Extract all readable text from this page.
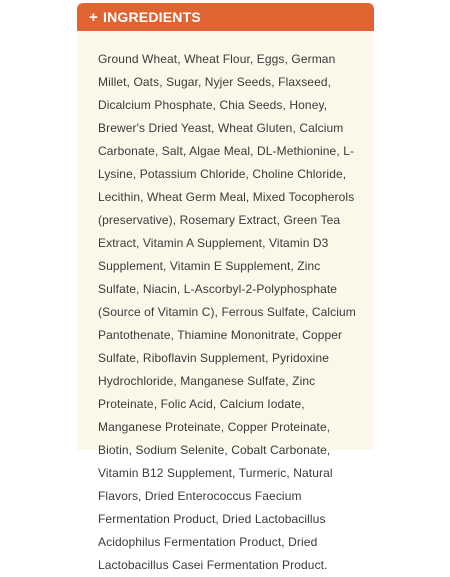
+ INGREDIENTS
Ground Wheat, Wheat Flour, Eggs, German Millet, Oats, Sugar, Nyjer Seeds, Flaxseed, Dicalcium Phosphate, Chia Seeds, Honey, Brewer's Dried Yeast, Wheat Gluten, Calcium Carbonate, Salt, Algae Meal, DL-Methionine, L-Lysine, Potassium Chloride, Choline Chloride, Lecithin, Wheat Germ Meal, Mixed Tocopherols (preservative), Rosemary Extract, Green Tea Extract, Vitamin A Supplement, Vitamin D3 Supplement, Vitamin E Supplement, Zinc Sulfate, Niacin, L-Ascorbyl-2-Polyphosphate (Source of Vitamin C), Ferrous Sulfate, Calcium Pantothenate, Thiamine Mononitrate, Copper Sulfate, Riboflavin Supplement, Pyridoxine Hydrochloride, Manganese Sulfate, Zinc Proteinate, Folic Acid, Calcium Iodate, Manganese Proteinate, Copper Proteinate, Biotin, Sodium Selenite, Cobalt Carbonate, Vitamin B12 Supplement, Turmeric, Natural Flavors, Dried Enterococcus Faecium Fermentation Product, Dried Lactobacillus Acidophilus Fermentation Product, Dried Lactobacillus Casei Fermentation Product.
